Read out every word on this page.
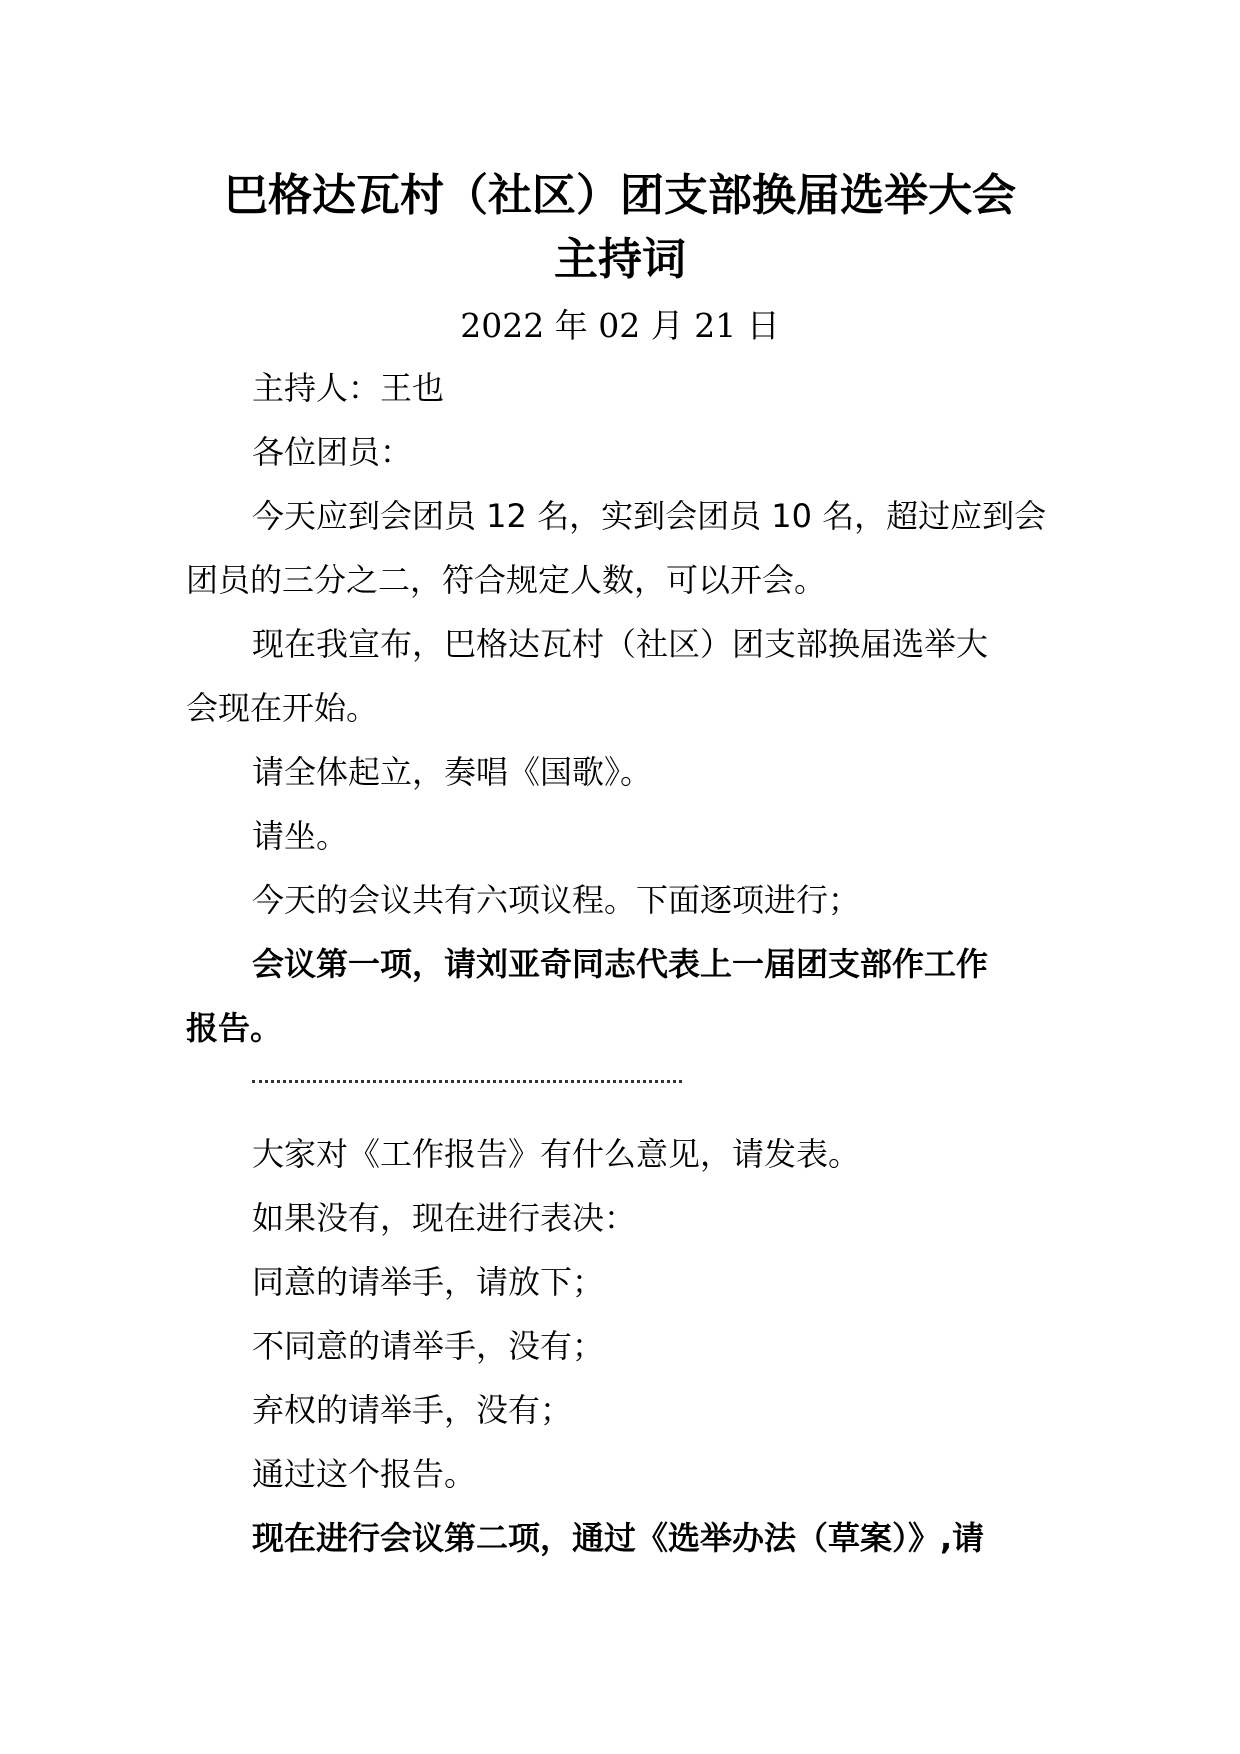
巴格达瓦村（社区）团支部换届选举大会
主持词
2022 年 02 月 21 日
主持人：王也
各位团员：
今天应到会团员 12 名，实到会团员 10 名，超过应到会
团员的三分之二，符合规定人数，可以开会。
现在我宣布，巴格达瓦村（社区）团支部换届选举大
会现在开始。
请全体起立，奏唱《国歌》。
请坐。
今天的会议共有六项议程。下面逐项进行；
会议第一项，请刘亚奇同志代表上一届团支部作工作
报告。
大家对《工作报告》有什么意见，请发表。
如果没有，现在进行表决：
同意的请举手，请放下；
不同意的请举手，没有；
弃权的请举手，没有；
通过这个报告。
现在进行会议第二项，通过《选举办法（草案）》,请
